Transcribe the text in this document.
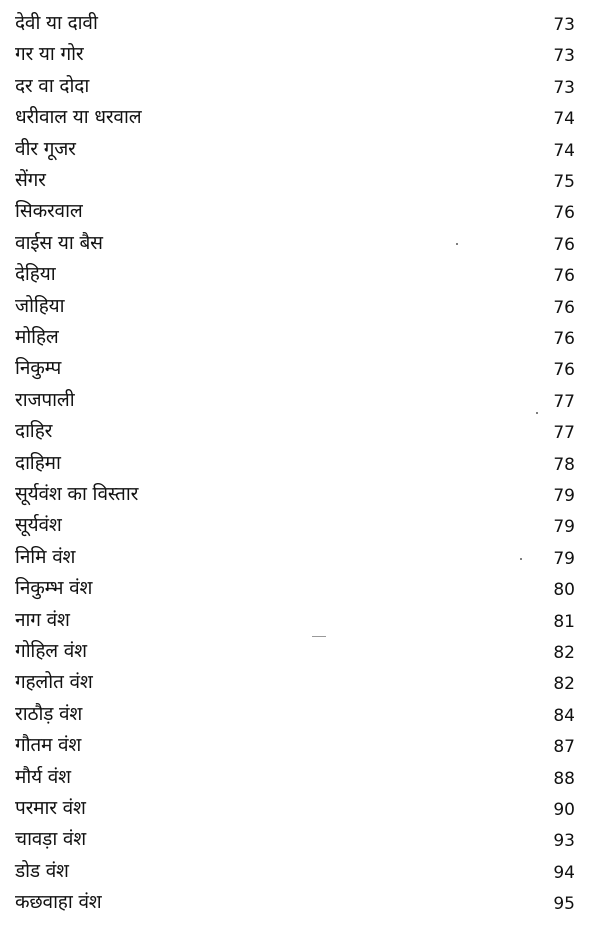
देवी या दावी	73
गर या गोर	73
दर वा दोदा	73
धरीवाल या धरवाल	74
वीर गूजर	74
सेंगर	75
सिकरवाल	76
वाईस या बैस	76
देहिया	76
जोहिया	76
मोहिल	76
निकुम्प	76
राजपाली	77
दाहिर	77
दाहिमा	78
सूर्यवंश का विस्तार	79
सूर्यवंश	79
निमि वंश	79
निकुम्भ वंश	80
नाग वंश	81
गोहिल वंश	82
गहलोत वंश	82
राठौड़ वंश	84
गौतम वंश	87
मौर्य वंश	88
परमार वंश	90
चावड़ा वंश	93
डोड वंश	94
कछवाहा वंश	95
